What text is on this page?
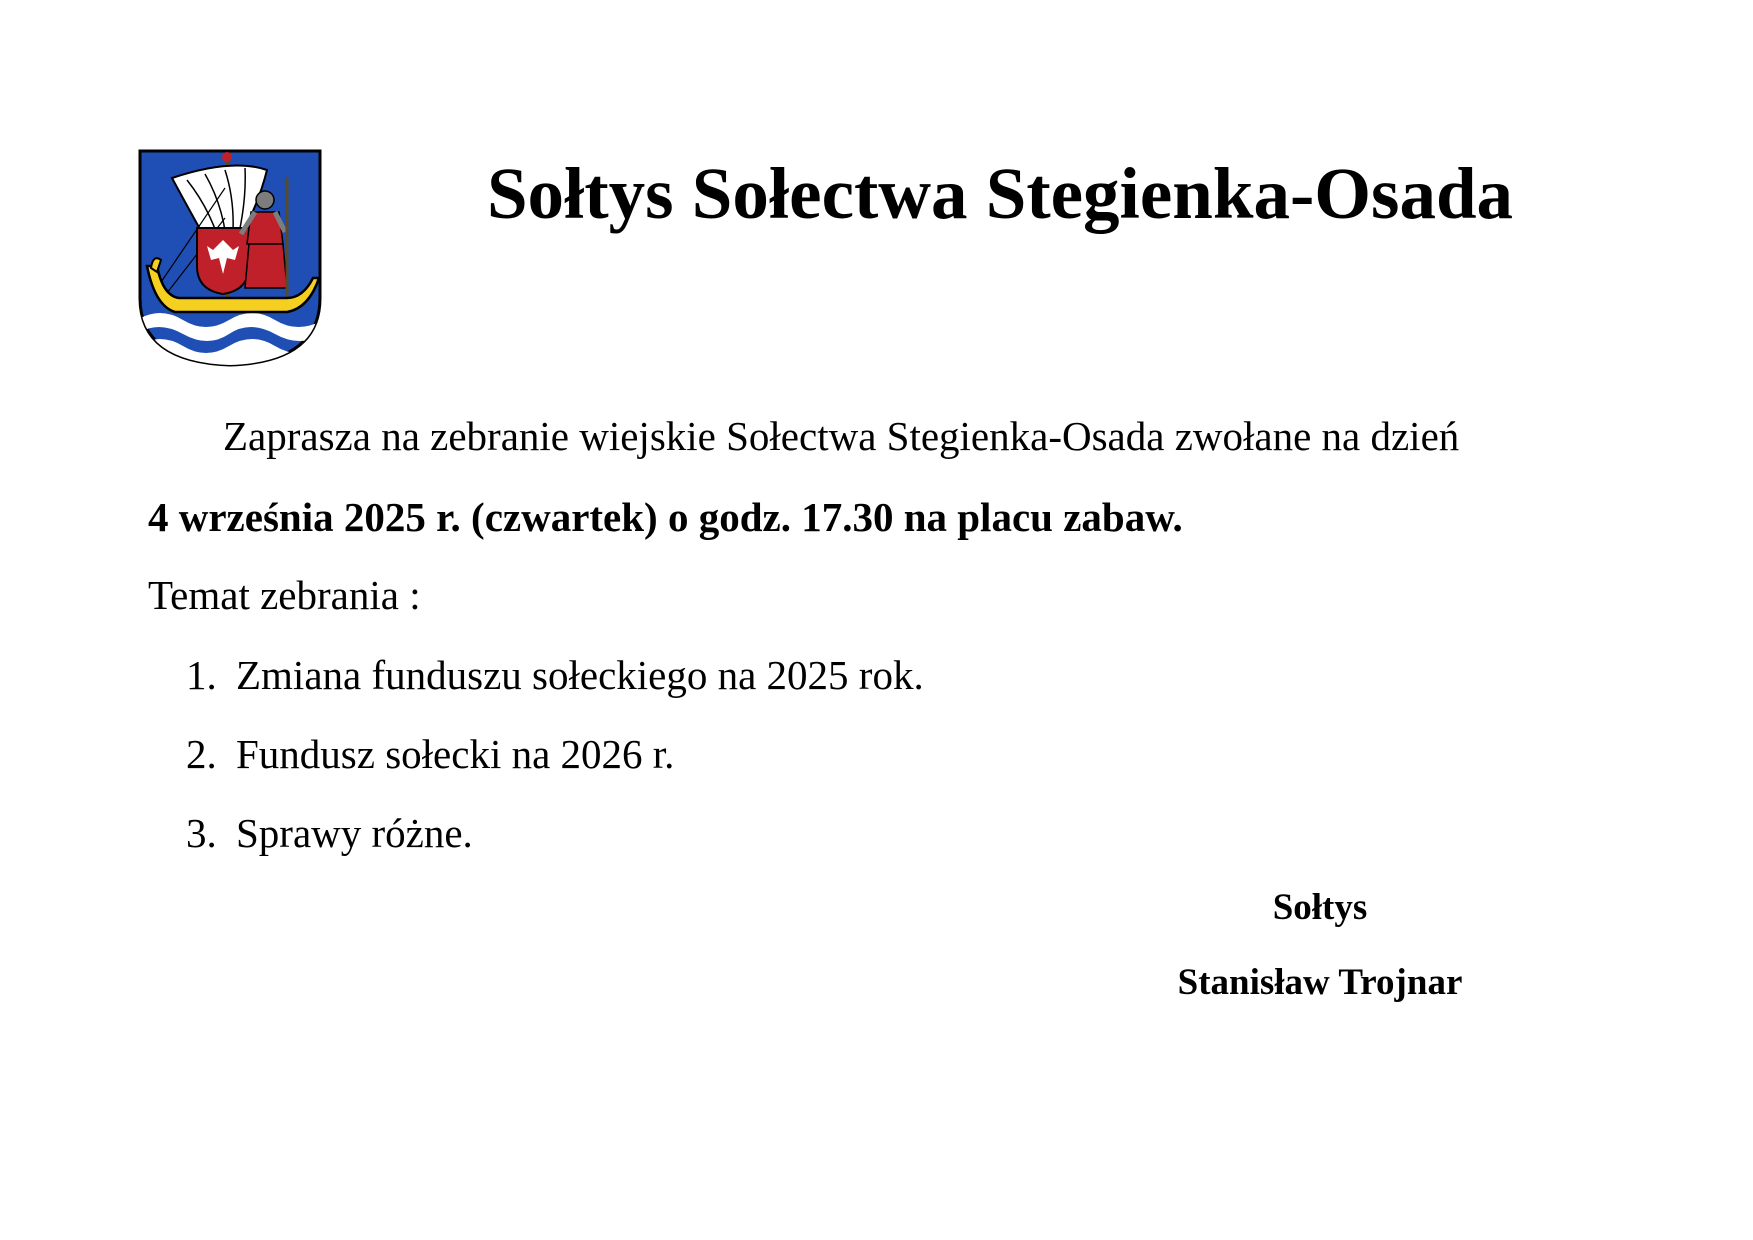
Sołtys Sołectwa Stegienka-Osada
Zaprasza na zebranie wiejskie Sołectwa Stegienka-Osada zwołane na dzień
4 września 2025 r. (czwartek) o godz. 17.30 na placu zabaw.
Temat zebrania :
1. Zmiana funduszu sołeckiego na 2025 rok.
2. Fundusz sołecki na 2026 r.
3. Sprawy różne.
Sołtys
Stanisław Trojnar
